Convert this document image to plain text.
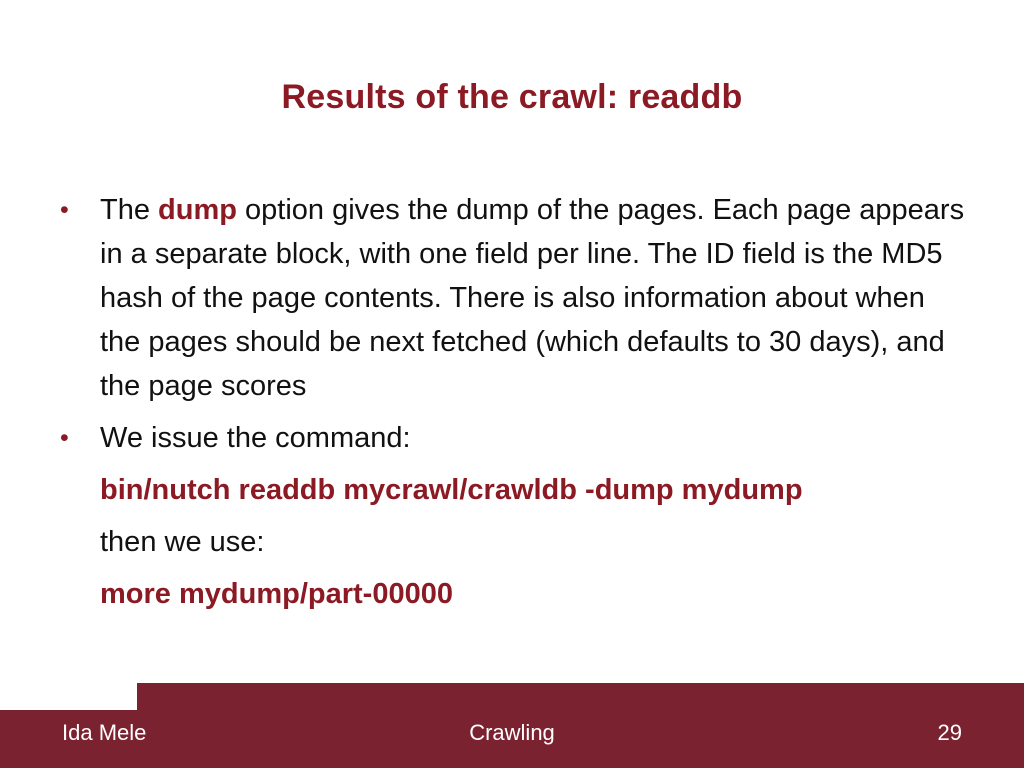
Results of the crawl: readdb
•	The dump option gives the dump of the pages. Each page appears in a separate block, with one field per line. The ID field is the MD5 hash of the page contents. There is also information about when the pages should be next fetched (which defaults to 30 days), and the page scores
•	We issue the command:
bin/nutch readdb mycrawl/crawldb -dump mydump
then we use:
more mydump/part-00000
Ida Mele	Crawling	29
